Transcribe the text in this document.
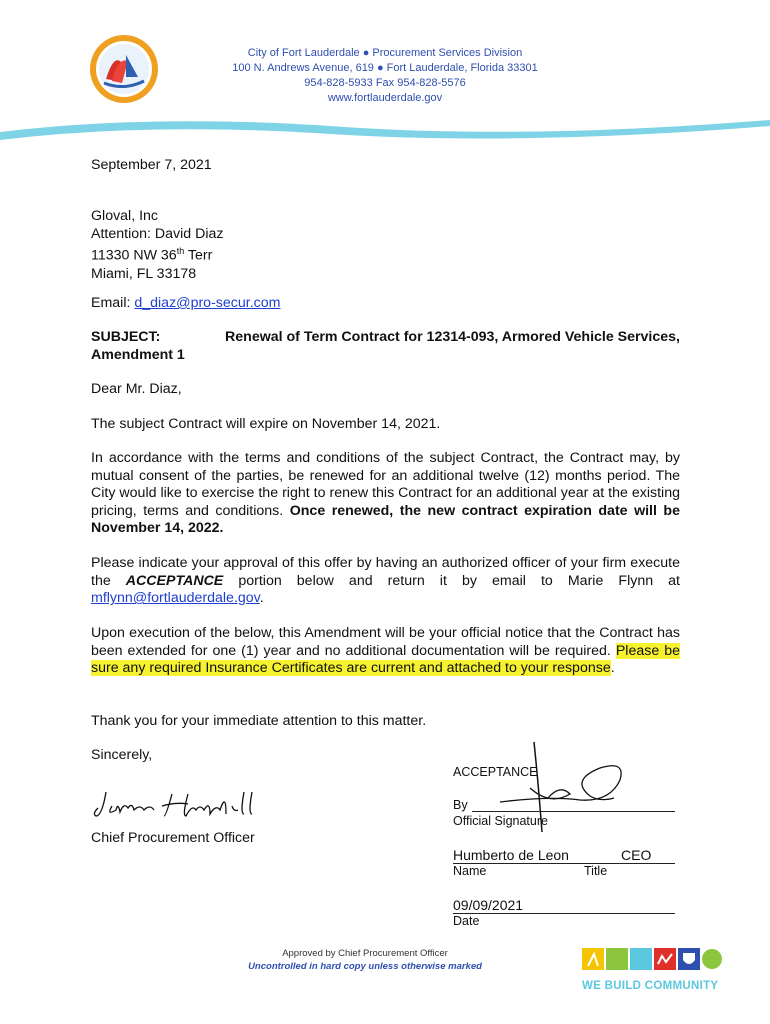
City of Fort Lauderdale ● Procurement Services Division
100 N. Andrews Avenue, 619 ● Fort Lauderdale, Florida 33301
954-828-5933 Fax 954-828-5576
www.fortlauderdale.gov
September 7, 2021
Gloval, Inc
Attention: David Diaz
11330 NW 36th Terr
Miami, FL 33178
Email: d_diaz@pro-secur.com
SUBJECT:	Renewal of Term Contract for 12314-093, Armored Vehicle Services,
Amendment 1
Dear Mr. Diaz,
The subject Contract will expire on November 14, 2021.
In accordance with the terms and conditions of the subject Contract, the Contract may, by mutual consent of the parties, be renewed for an additional twelve (12) months period. The City would like to exercise the right to renew this Contract for an additional year at the existing pricing, terms and conditions. Once renewed, the new contract expiration date will be November 14, 2022.
Please indicate your approval of this offer by having an authorized officer of your firm execute the ACCEPTANCE portion below and return it by email to Marie Flynn at mflynn@fortlauderdale.gov.
Upon execution of the below, this Amendment will be your official notice that the Contract has been extended for one (1) year and no additional documentation will be required. Please be sure any required Insurance Certificates are current and attached to your response.
Thank you for your immediate attention to this matter.
Sincerely,
Chief Procurement Officer
ACCEPTANCE
By
Official Signature
Humberto de Leon	CEO
Name	Title
09/09/2021
Date
Approved by Chief Procurement Officer
Uncontrolled in hard copy unless otherwise marked
WE BUILD COMMUNITY
